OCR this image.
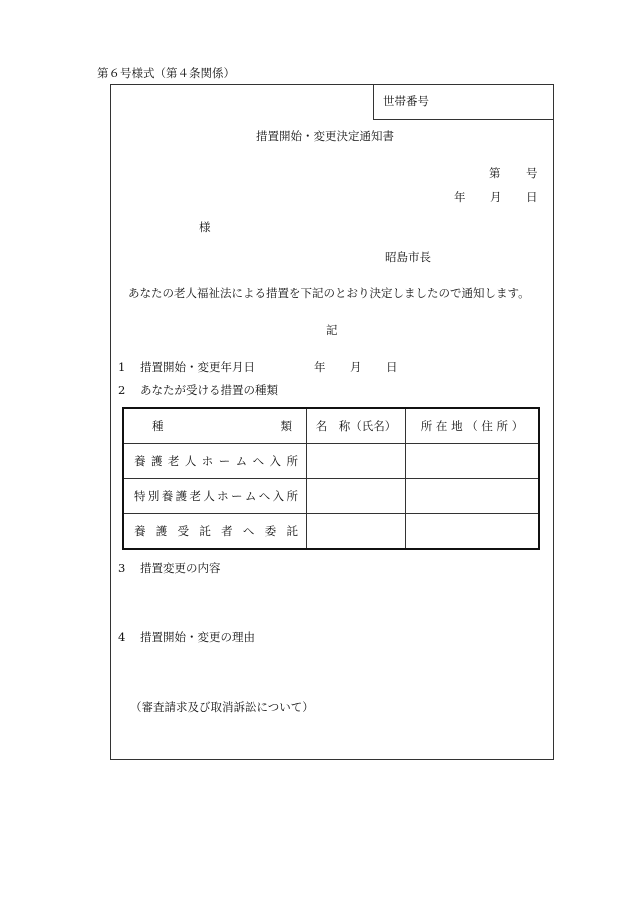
第６号様式（第４条関係）
世帯番号
措置開始・変更決定通知書
第 号
年 月 日
様
昭島市長
あなたの老人福祉法による措置を下記のとおり決定しましたので通知します。
記
1 措置開始・変更年月日	年 月 日
2 あなたが受ける措置の種類
種　　　　　類	名　称（氏名）	所 在 地 （ 住 所 ）

養護老人ホームへ入所		

特別養護老人ホームへ入所		

養護受託者へ委託		

3 措置変更の内容
4 措置開始・変更の理由
（審査請求及び取消訴訟について）
